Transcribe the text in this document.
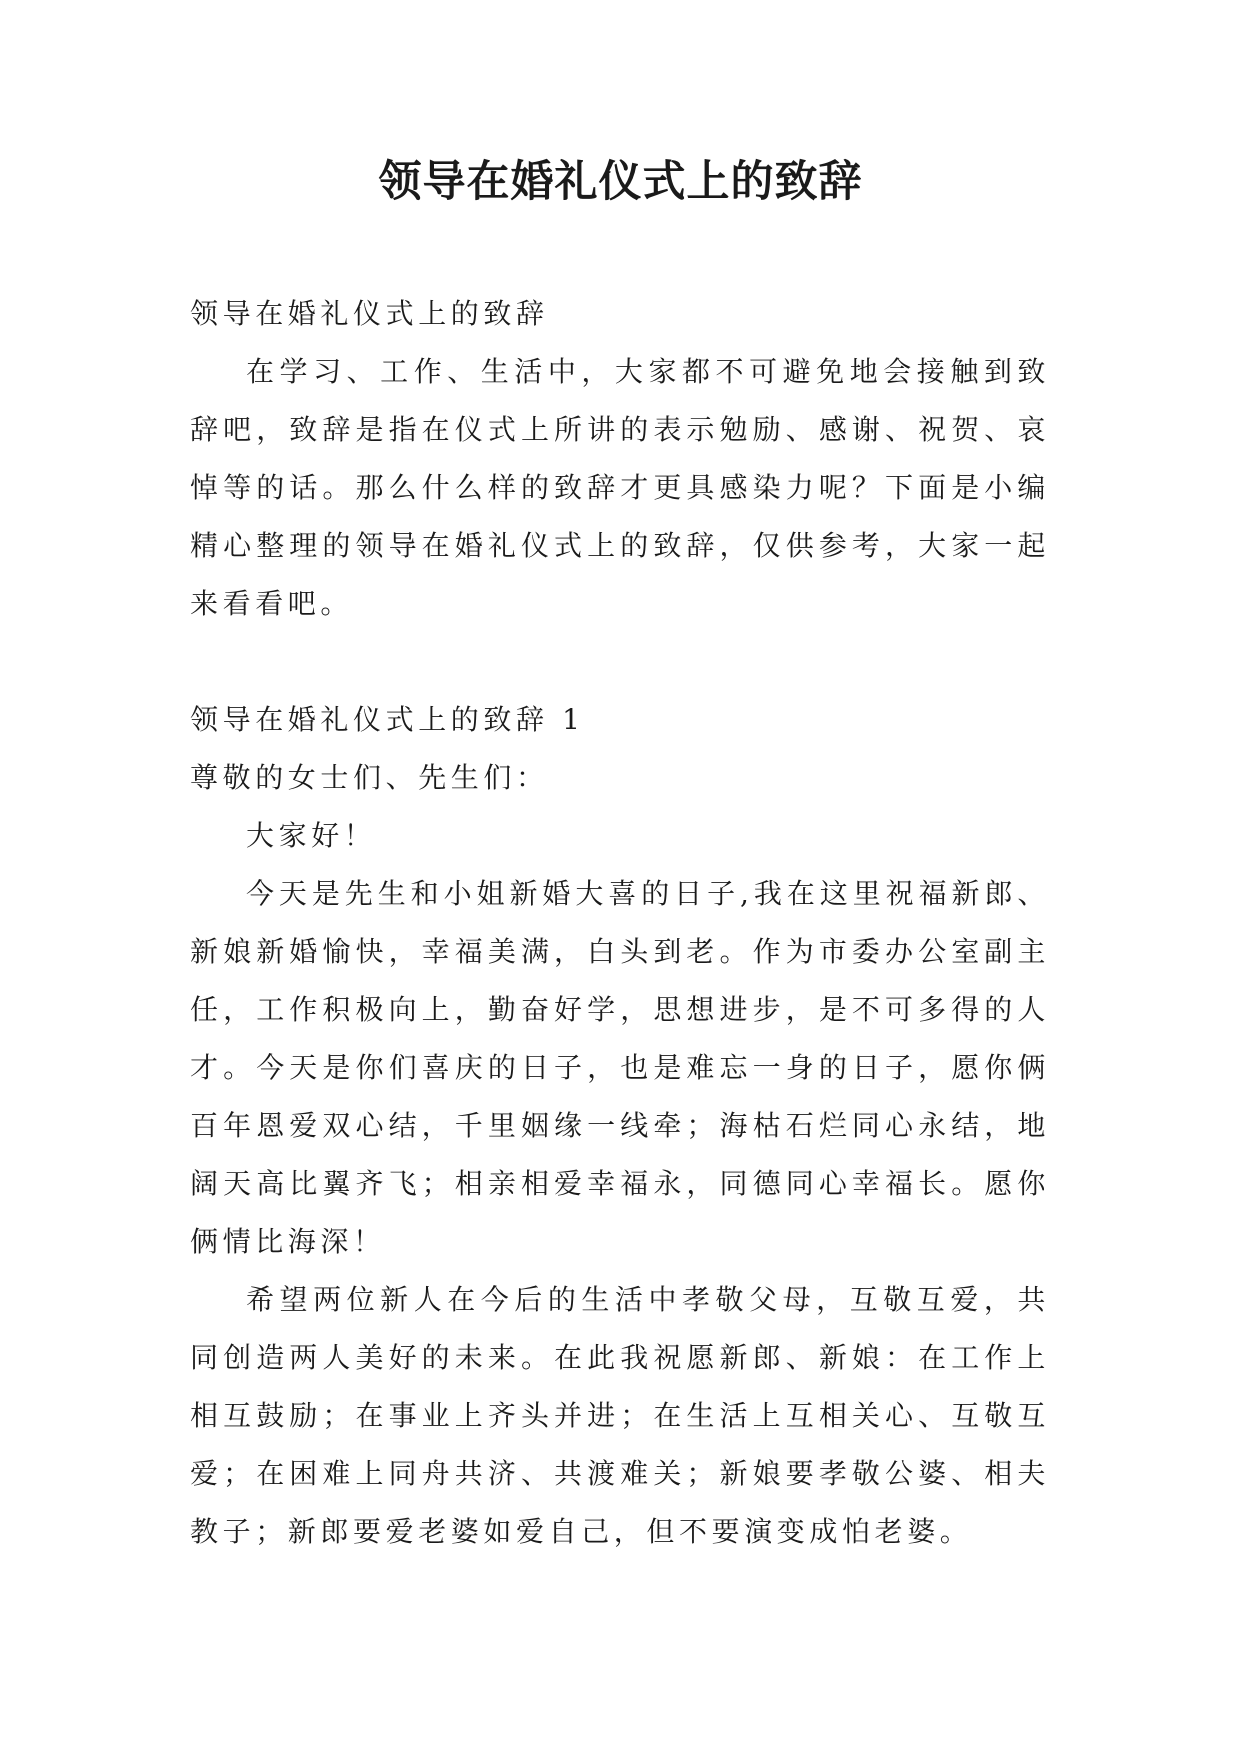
领导在婚礼仪式上的致辞

领导在婚礼仪式上的致辞

在学习、工作、生活中，大家都不可避免地会接触到致辞吧，致辞是指在仪式上所讲的表示勉励、感谢、祝贺、哀悼等的话。那么什么样的致辞才更具感染力呢？下面是小编精心整理的领导在婚礼仪式上的致辞，仅供参考，大家一起来看看吧。

领导在婚礼仪式上的致辞 1

尊敬的女士们、先生们：

大家好！

今天是先生和小姐新婚大喜的日子,我在这里祝福新郎、新娘新婚愉快，幸福美满，白头到老。作为市委办公室副主任，工作积极向上，勤奋好学，思想进步，是不可多得的人才。今天是你们喜庆的日子，也是难忘一身的日子，愿你俩百年恩爱双心结，千里姻缘一线牵；海枯石烂同心永结，地阔天高比翼齐飞；相亲相爱幸福永，同德同心幸福长。愿你俩情比海深！

希望两位新人在今后的生活中孝敬父母，互敬互爱，共同创造两人美好的未来。在此我祝愿新郎、新娘：在工作上相互鼓励；在事业上齐头并进；在生活上互相关心、互敬互爱；在困难上同舟共济、共渡难关；新娘要孝敬公婆、相夫教子；新郎要爱老婆如爱自己，但不要演变成怕老婆。
